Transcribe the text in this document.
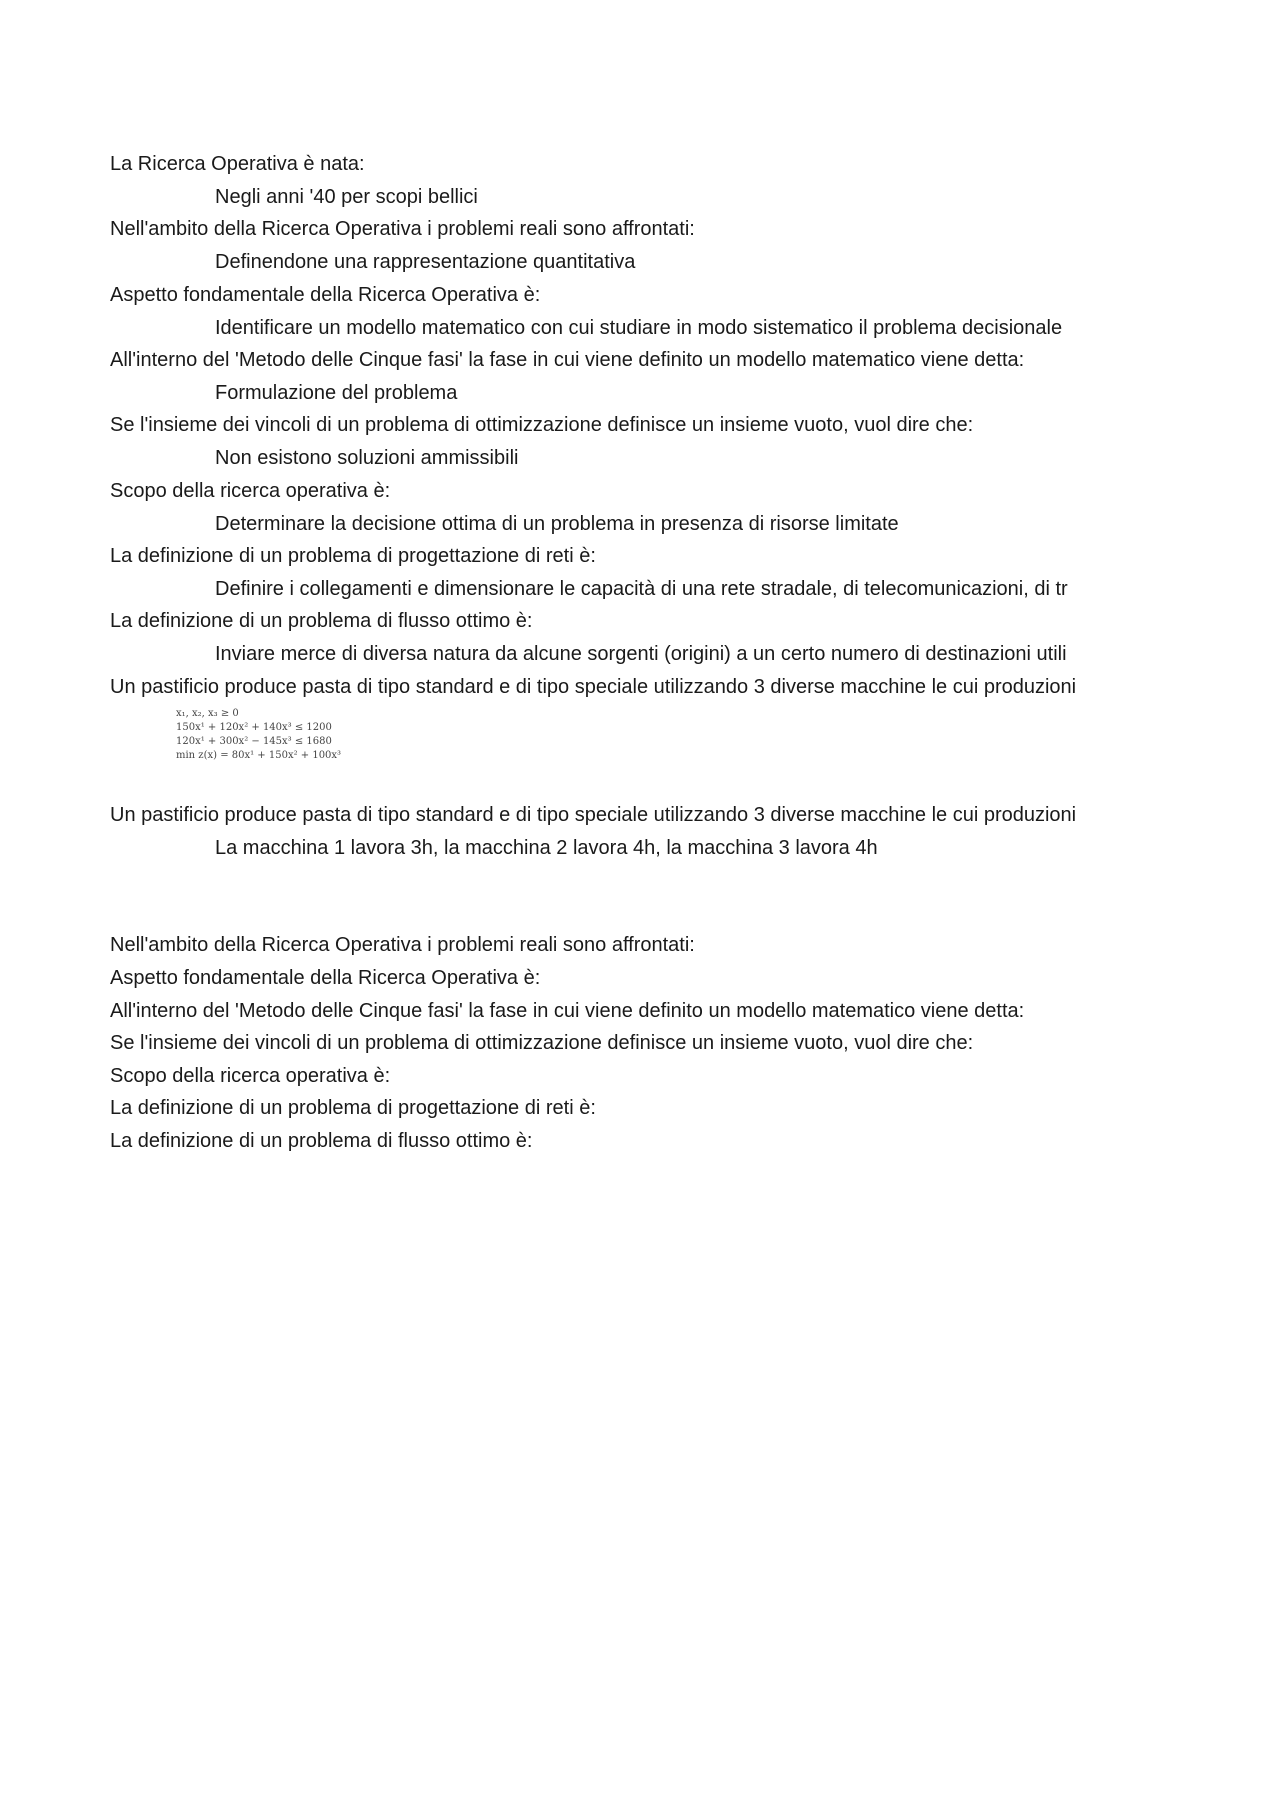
La Ricerca Operativa è nata:
Negli anni '40 per scopi bellici
Nell'ambito della Ricerca Operativa i problemi reali sono affrontati:
Definendone una rappresentazione quantitativa
Aspetto fondamentale della Ricerca Operativa è:
Identificare un modello matematico con cui studiare in modo sistematico il problema decisionale
All'interno del 'Metodo delle Cinque fasi' la fase in cui viene definito un modello matematico viene detta:
Formulazione del problema
Se l'insieme dei vincoli di un problema di ottimizzazione definisce un insieme vuoto, vuol dire che:
Non esistono soluzioni ammissibili
Scopo della ricerca operativa è:
Determinare la decisione ottima di un problema in presenza di risorse limitate
La definizione di un problema di progettazione di reti è:
Definire i collegamenti e dimensionare le capacità di una rete stradale, di telecomunicazioni, di tr
La definizione di un problema di flusso ottimo è:
Inviare merce di diversa natura da alcune sorgenti (origini) a un certo numero di destinazioni utili
Un pastificio produce pasta di tipo standard e di tipo speciale utilizzando 3 diverse macchine le cui produzioni
x₁, x₂, x₃ ≥ 0
150x¹ + 120x² + 140x³ ≤ 1200
120x¹ + 300x² − 145x³ ≤ 1680
min z(x) = 80x¹ + 150x² + 100x³
Un pastificio produce pasta di tipo standard e di tipo speciale utilizzando 3 diverse macchine le cui produzioni
La macchina 1 lavora 3h, la macchina 2 lavora 4h, la macchina 3 lavora 4h
Nell'ambito della Ricerca Operativa i problemi reali sono affrontati:
Aspetto fondamentale della Ricerca Operativa è:
All'interno del 'Metodo delle Cinque fasi' la fase in cui viene definito un modello matematico viene detta:
Se l'insieme dei vincoli di un problema di ottimizzazione definisce un insieme vuoto, vuol dire che:
Scopo della ricerca operativa è:
La definizione di un problema di progettazione di reti è:
La definizione di un problema di flusso ottimo è:
